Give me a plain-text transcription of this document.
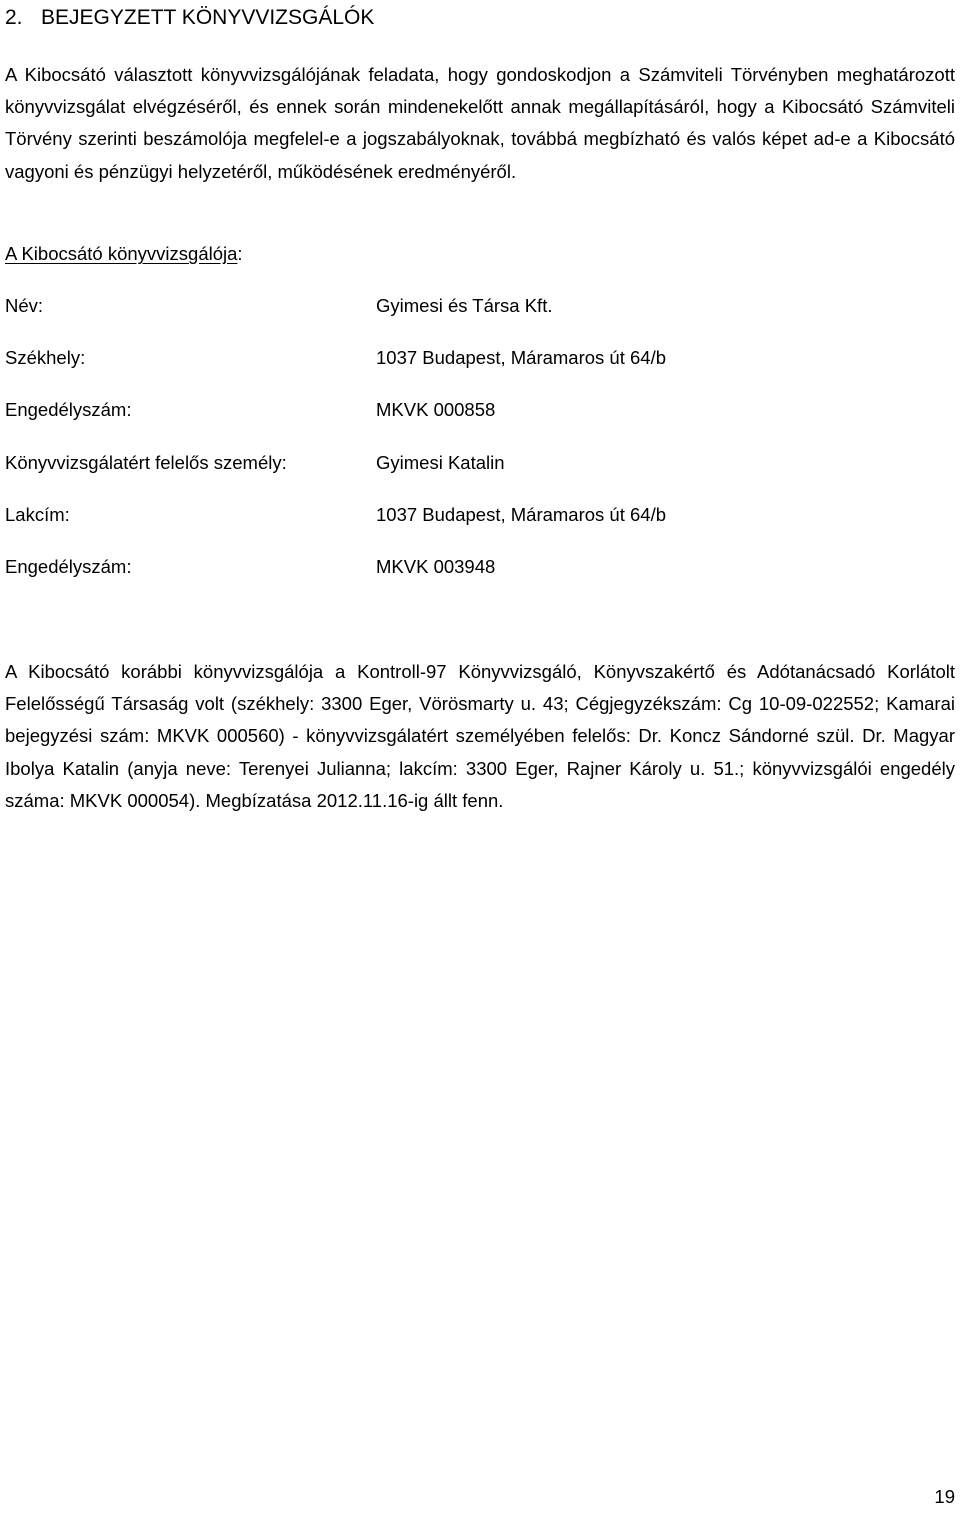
2. BEJEGYZETT KÖNYVVIZSGÁLÓK
A Kibocsátó választott könyvvizsgálójának feladata, hogy gondoskodjon a Számviteli Törvényben meghatározott könyvvizsgálat elvégzéséről, és ennek során mindenekelőtt annak megállapításáról, hogy a Kibocsátó Számviteli Törvény szerinti beszámolója megfelel-e a jogszabályoknak, továbbá megbízható és valós képet ad-e a Kibocsátó vagyoni és pénzügyi helyzetéről, működésének eredményéről.
A Kibocsátó könyvvizsgálója:
Név:	Gyimesi és Társa Kft.
Székhely:	1037 Budapest, Máramaros út 64/b
Engedélyszám:	MKVK 000858
Könyvvizsgálatért felelős személy:	Gyimesi Katalin
Lakcím:	1037 Budapest, Máramaros út 64/b
Engedélyszám:	MKVK 003948
A Kibocsátó korábbi könyvvizsgálója a Kontroll-97 Könyvvizsgáló, Könyvszakértő és Adótanácsadó Korlátolt Felelősségű Társaság volt (székhely: 3300 Eger, Vörösmarty u. 43; Cégjegyzékszám: Cg 10-09-022552; Kamarai bejegyzési szám: MKVK 000560) - könyvvizsgálatért személyében felelős: Dr. Koncz Sándorné szül. Dr. Magyar Ibolya Katalin (anyja neve: Terenyei Julianna; lakcím: 3300 Eger, Rajner Károly u. 51.; könyvvizsgálói engedély száma: MKVK 000054). Megbízatása 2012.11.16-ig állt fenn.
19
